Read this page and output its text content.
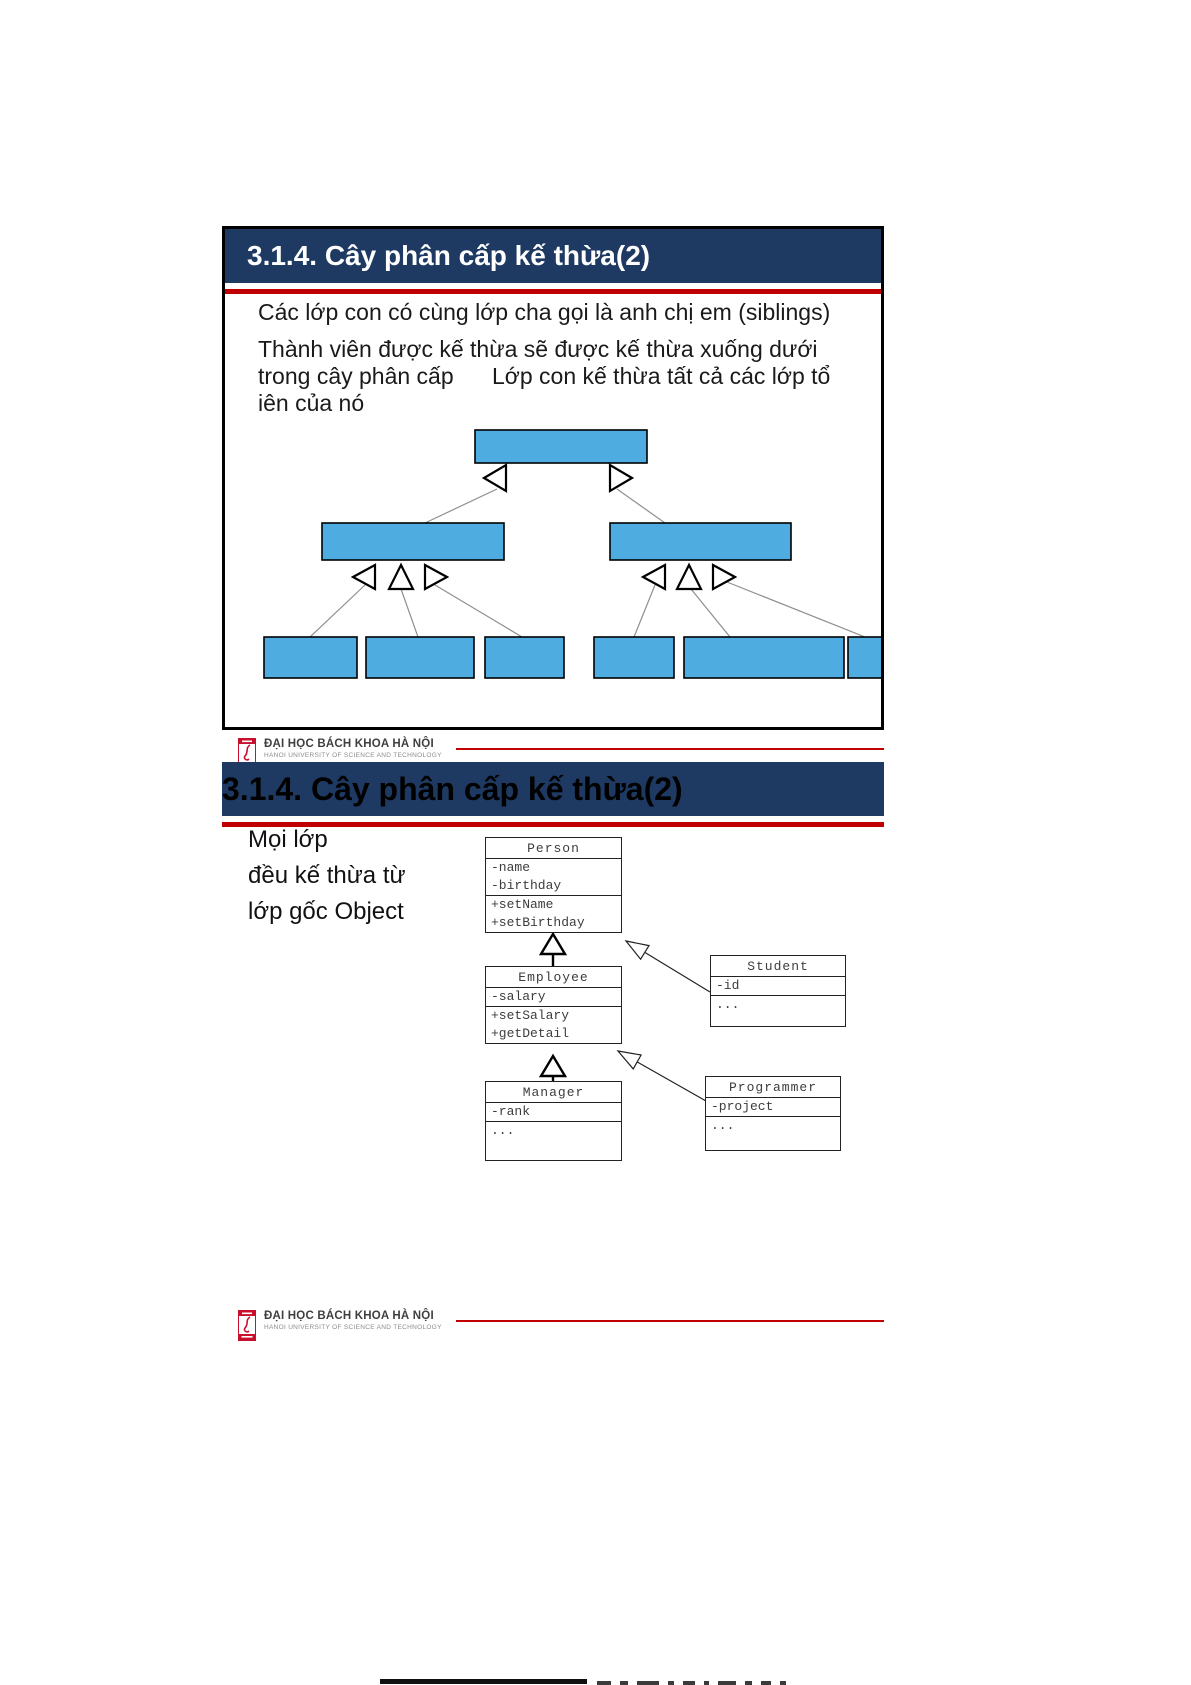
3.1.4. Cây phân cấp kế thừa(2)

Các lớp con có cùng lớp cha gọi là anh chị em (siblings)

Thành viên được kế thừa sẽ được kế thừa xuống dưới

trong cây phân cấp      Lớp con kế thừa tất cả các lớp tổ

iên của nó

ĐẠI HỌC BÁCH KHOA HÀ NỘI
HANOI UNIVERSITY OF SCIENCE AND TECHNOLOGY
3.1.4. Cây phân cấp kế thừa(2)

Mọi lớp

đều kế thừa từ

lớp gốc Object

Person
-name
-birthday
+setName
+setBirthday
Employee
-salary
+setSalary
+getDetail
Manager
-rank
...
Student
-id
...
Programmer
-project
...
ĐẠI HỌC BÁCH KHOA HÀ NỘI
HANOI UNIVERSITY OF SCIENCE AND TECHNOLOGY
